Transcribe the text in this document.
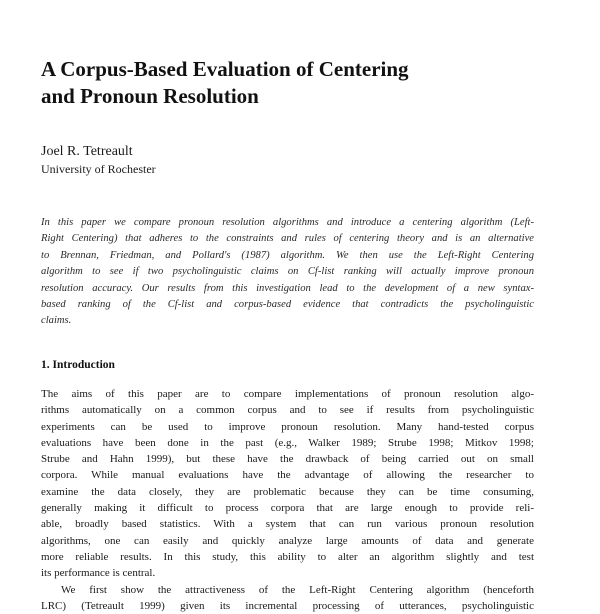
A Corpus-Based Evaluation of Centering
and Pronoun Resolution
Joel R. Tetreault
University of Rochester
In this paper we compare pronoun resolution algorithms and introduce a centering algorithm (Left-
Right Centering) that adheres to the constraints and rules of centering theory and is an alternative
to Brennan, Friedman, and Pollard's (1987) algorithm. We then use the Left-Right Centering
algorithm to see if two psycholinguistic claims on Cf-list ranking will actually improve pronoun
resolution accuracy. Our results from this investigation lead to the development of a new syntax-
based ranking of the Cf-list and corpus-based evidence that contradicts the psycholinguistic
claims.
1. Introduction
The aims of this paper are to compare implementations of pronoun resolution algo-
rithms automatically on a common corpus and to see if results from psycholinguistic
experiments can be used to improve pronoun resolution. Many hand-tested corpus
evaluations have been done in the past (e.g., Walker 1989; Strube 1998; Mitkov 1998;
Strube and Hahn 1999), but these have the drawback of being carried out on small
corpora. While manual evaluations have the advantage of allowing the researcher to
examine the data closely, they are problematic because they can be time consuming,
generally making it difficult to process corpora that are large enough to provide reli-
able, broadly based statistics. With a system that can run various pronoun resolution
algorithms, one can easily and quickly analyze large amounts of data and generate
more reliable results. In this study, this ability to alter an algorithm slightly and test
its performance is central.
We first show the attractiveness of the Left-Right Centering algorithm (henceforth
LRC) (Tetreault 1999) given its incremental processing of utterances, psycholinguistic
